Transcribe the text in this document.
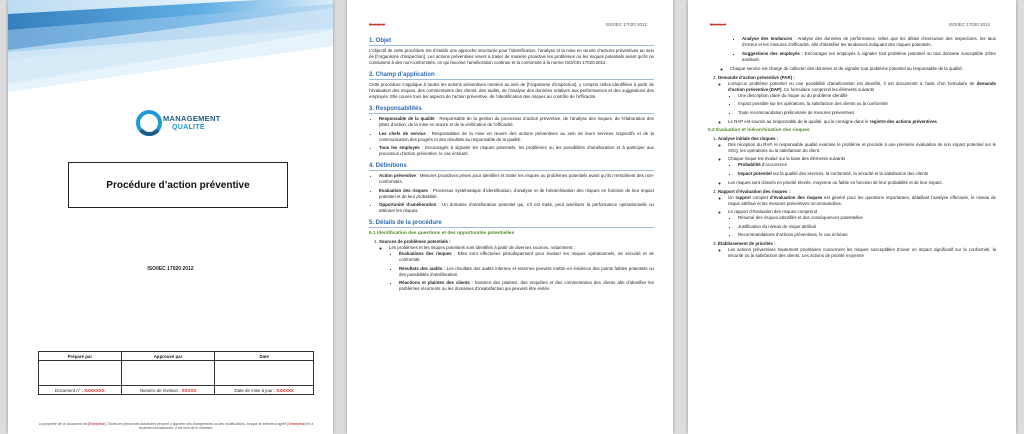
MANAGEMENT
QUALITÉ
Procédure d’action préventive
ISO/IEC 17020 2012
Préparé par	Approuvé par	Date

Document n° : XXXXXXX	Numéro de révision : XXXXX	Date de mise à jour : XXXXXX
La propriété de ce document est [Entreprise]. Toutes les personnes autorisées peuvent y apporter des changements ou des modifications, lorsque le détenteur agréé [l’entreprise] en a la pleine connaissance. Il est tenu de le maîtriser.
Dossiez	ISO/IEC 17020 2012
1. Objet

L’objectif de cette procédure est d’établir une approche structurée pour l’identification, l’analyse et la mise en œuvre d’actions préventives au sein de [l’organisme d’inspection]. Les actions préventives visent à traiter de manière proactive les problèmes ou les risques potentiels avant qu’ils ne conduisent à des non-conformités, ce qui favorise l’amélioration continue et la conformité à la norme ISO/CEI 17020:2012.

2. Champ d’application

Cette procédure s’applique à toutes les actions préventives menées au sein de [l’organisme d’inspection], y compris celles identifiées à partir de l’évaluation des risques, des commentaires des clients, des audits, de l’analyse des données relatives aux performances et des suggestions des employés. Elle couvre tous les aspects de l’action préventive, de l’identification des risques au contrôle de l’efficacité.

3. Responsabilités
• Responsable de la qualité : Responsable de la gestion du processus d’action préventive, de l’analyse des risques, de l’élaboration des plans d’action, de la mise en œuvre et de la vérification de l’efficacité.
• Les chefs de service : Responsables de la mise en œuvre des actions préventives au sein de leurs services respectifs et de la communication des progrès et des résultats au responsable de la qualité.
• Tous les employés : Encouragés à signaler les risques potentiels, les problèmes ou les possibilités d’amélioration et à participer aux processus d’action préventive, le cas échéant.
4. Définitions
• Action préventive : Mesures proactives prises pour identifier et traiter les risques ou problèmes potentiels avant qu’ils n’entraînent des non-conformités.
• Évaluation des risques : Processus systématique d’identification, d’analyse et de hiérarchisation des risques en fonction de leur impact potentiel et de leur probabilité.
• Opportunité d’amélioration : Un domaine d’amélioration potentiel qui, s’il est traité, peut améliorer la performance opérationnelle ou atténuer les risques.
5. Détails de la procédure
5.1 Identification des questions et des opportunités potentielles
1. Sources de problèmes potentiels :
◦ Les problèmes et les risques potentiels sont identifiés à partir de diverses sources, notamment :
▪ Évaluations des risques : Elles sont effectuées périodiquement pour évaluer les risques opérationnels, de sécurité et de conformité.
▪ Résultats des audits : Les résultats des audits internes et externes peuvent mettre en évidence des points faibles potentiels ou des possibilités d’amélioration.
▪ Réactions et plaintes des clients : Examen des plaintes, des enquêtes et des commentaires des clients afin d’identifier les problèmes récurrents ou les domaines d’insatisfaction qui peuvent être évités.
Dossiez	ISO/IEC 17020 2012
▪ Analyse des tendances : Analyse des données de performance, telles que les délais d’exécution des inspections, les taux d’erreur et les mesures d’efficacité, afin d’identifier les tendances indiquant des risques potentiels.
▪ Suggestions des employés : Encourager les employés à signaler tout problème potentiel ou tout domaine susceptible d’être amélioré.
◦ Chaque service est chargé de collecter des données et de signaler tout problème potentiel au responsable de la qualité.
2. Demande d’action préventive (PAR) :
◦ Lorsqu’un problème potentiel ou une possibilité d’amélioration est identifié, il est documenté à l’aide d’un formulaire de demande d’action préventive (DAP). Ce formulaire comprend les éléments suivants
▪ Une description claire du risque ou du problème identifié
▪ Impact possible sur les opérations, la satisfaction des clients ou la conformité
▪ Toute recommandation préliminaire de mesures préventives
◦ Le RAP est soumis au responsable de la qualité, qui le consigne dans le registre des actions préventives.
5.2 Évaluation et hiérarchisation des risques
1. Analyse initiale des risques :
◦ Dès réception du RAP, le responsable qualité examine le problème et procède à une première évaluation de son impact potentiel sur le SGQ, les opérations ou la satisfaction du client.
◦ Chaque risque est évalué sur la base des éléments suivants
▪ Probabilité d’occurrence
▪ Impact potentiel sur la qualité des services, la conformité, la sécurité et la satisfaction des clients
◦ Les risques sont classés en priorité élevée, moyenne ou faible en fonction de leur probabilité et de leur impact.
2. Rapport d’évaluation des risques :
◦ Un rapport complet d’évaluation des risques est généré pour les questions importantes, détaillant l’analyse effectuée, le niveau de risque attribué et les mesures préventives recommandées.
◦ Le rapport d’évaluation des risques comprend
▪ Résumé des risques identifiés et des conséquences potentielles
▪ Justification du niveau de risque attribué
▪ Recommandations d’actions préventives, le cas échéant
3. Établissement de priorités :
◦ Les actions préventives hautement prioritaires concernent les risques susceptibles d’avoir un impact significatif sur la conformité, la sécurité ou la satisfaction des clients. Les actions de priorité moyenne
